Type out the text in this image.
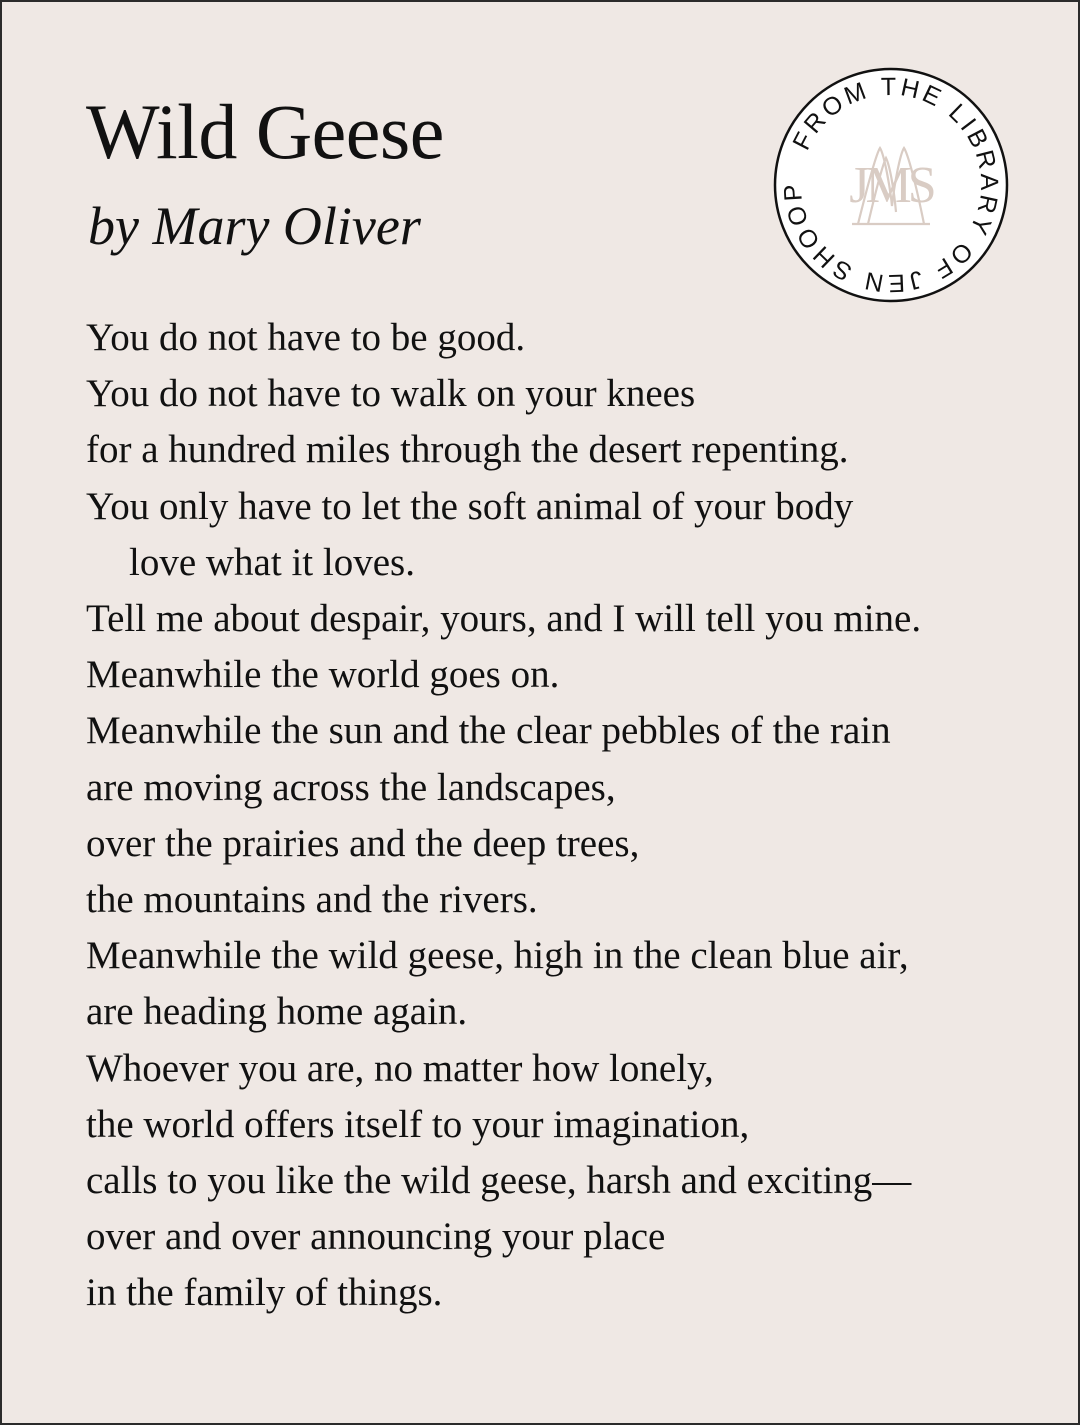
Wild Geese

by Mary Oliver

FROM THE LIBRARY OF JEN SHOOP JMS
You do not have to be good.
You do not have to walk on your knees
for a hundred miles through the desert repenting.
You only have to let the soft animal of your body
love what it loves.
Tell me about despair, yours, and I will tell you mine.
Meanwhile the world goes on.
Meanwhile the sun and the clear pebbles of the rain
are moving across the landscapes,
over the prairies and the deep trees,
the mountains and the rivers.
Meanwhile the wild geese, high in the clean blue air,
are heading home again.
Whoever you are, no matter how lonely,
the world offers itself to your imagination,
calls to you like the wild geese, harsh and exciting—
over and over announcing your place
in the family of things.
